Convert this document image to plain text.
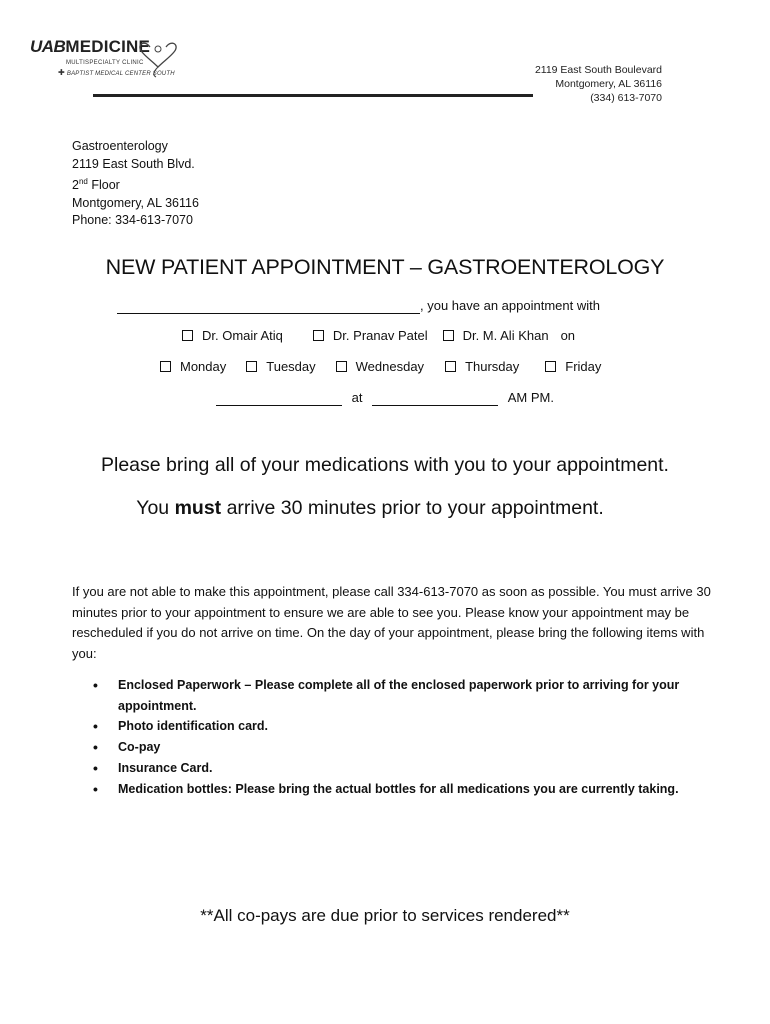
UABMEDICINE
MULTISPECIALTY CLINIC
✚ BAPTIST MEDICAL CENTER SOUTH	2119 East South Boulevard
Montgomery, AL 36116
(334) 613-7070
Gastroenterology
2119 East South Blvd.
2nd Floor
Montgomery, AL 36116
Phone: 334-613-7070
NEW PATIENT APPOINTMENT – GASTROENTEROLOGY
, you have an appointment with
Dr. Omair Atiq	Dr. Pranav Patel	Dr. M. Ali Khan on
Monday	Tuesday	Wednesday	Thursday	Friday
at	AM PM.
Please bring all of your medications with you to your appointment.
You must arrive 30 minutes prior to your appointment.
If you are not able to make this appointment, please call 334-613-7070 as soon as possible. You must arrive 30 minutes prior to your appointment to ensure we are able to see you. Please know your appointment may be rescheduled if you do not arrive on time. On the day of your appointment, please bring the following items with you:
• Enclosed Paperwork – Please complete all of the enclosed paperwork prior to arriving for your appointment.
• Photo identification card.
• Co-pay
• Insurance Card.
• Medication bottles: Please bring the actual bottles for all medications you are currently taking.
**All co-pays are due prior to services rendered**
